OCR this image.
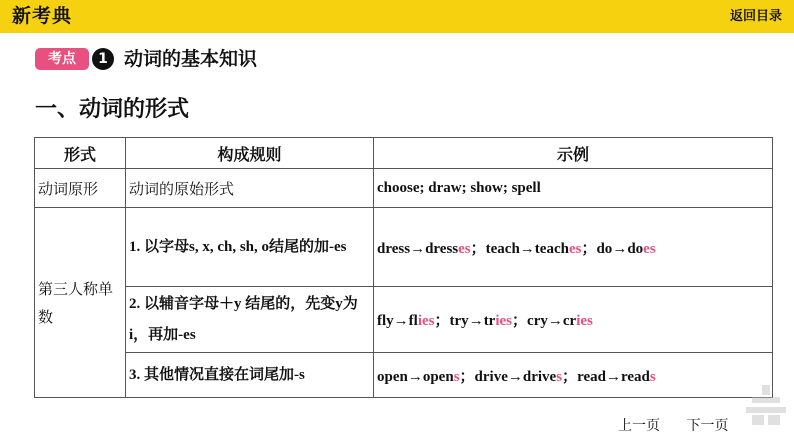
新考典	返回目录
考点	1 动词的基本知识
一、动词的形式
形式	构成规则	示例
动词原形	动词的原始形式	choose; draw; show; spell
第三人称单数	1. 以字母s, x, ch, sh, o结尾的加-es	dress→dresses；teach→teaches；do→does
	2. 以辅音字母＋y 结尾的，先变y为i，再加-es	fly→flies；try→tries；cry→cries
	3. 其他情况直接在词尾加-s	open→opens；drive→drives；read→reads
上一页 下一页
